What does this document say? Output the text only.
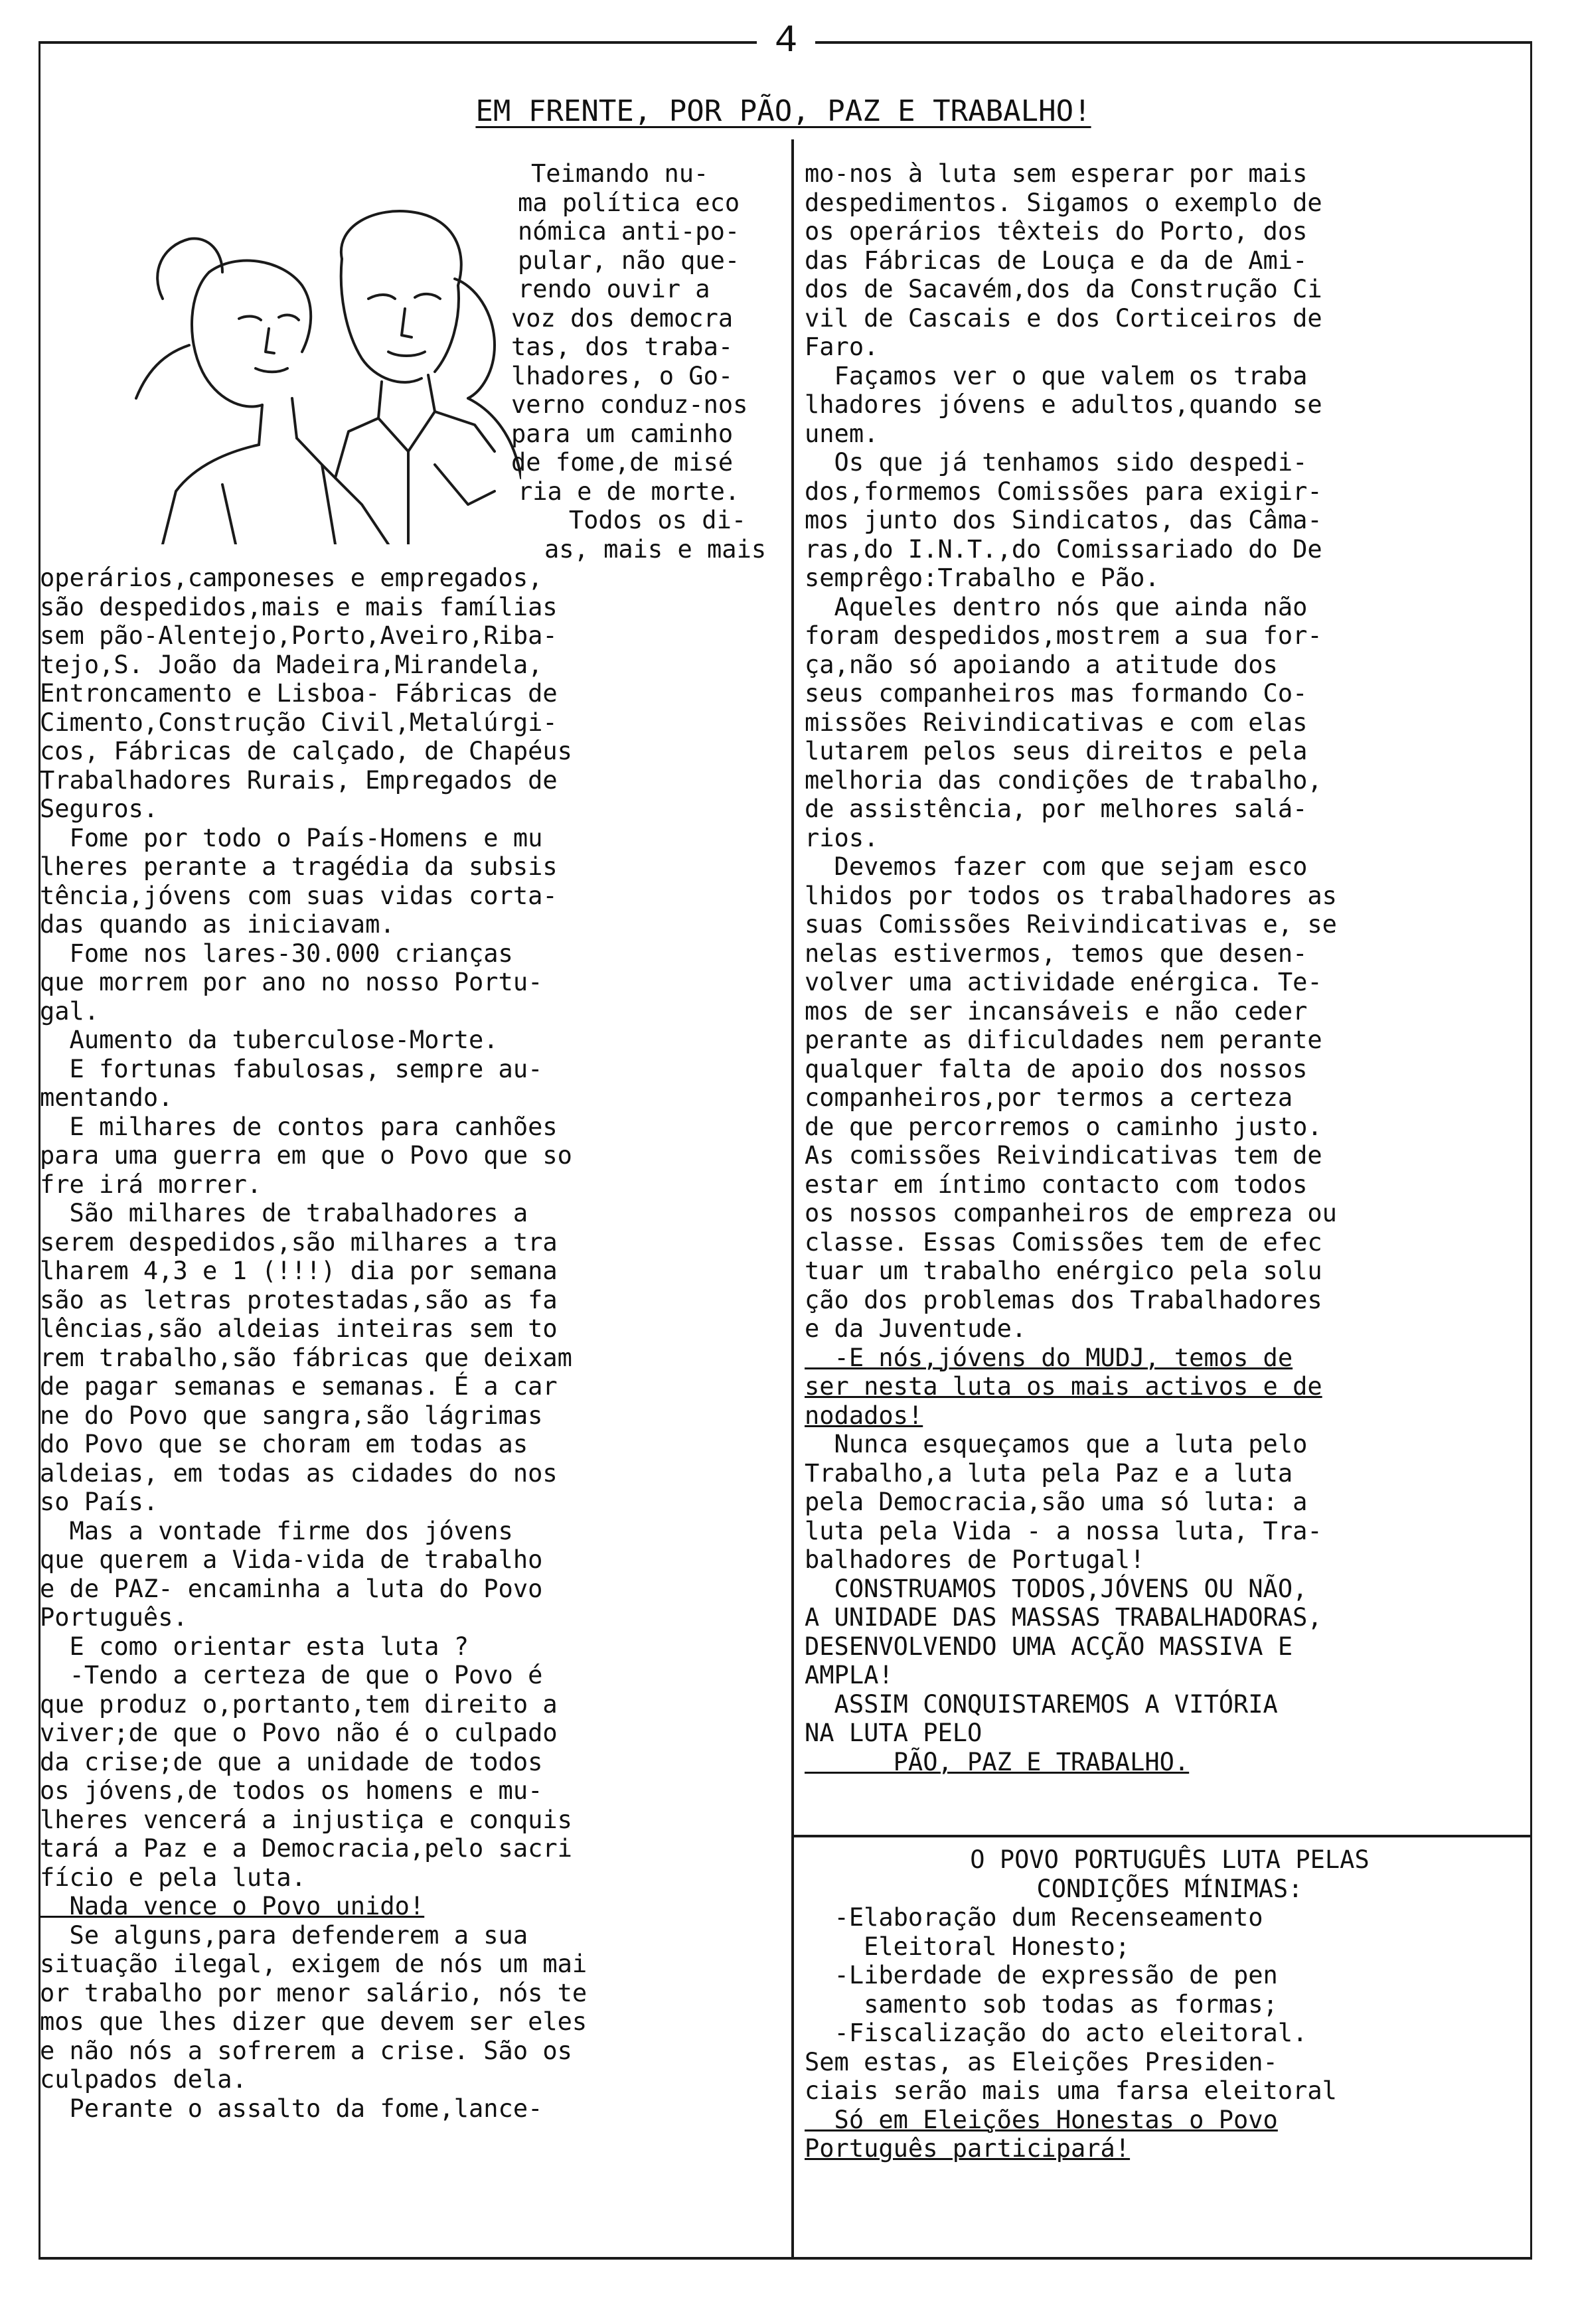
4
EM FRENTE, POR PÃO, PAZ E TRABALHO!

Teimando nu-

ma política eco

nómica anti-po-

pular, não que-

rendo ouvir a

voz dos democra

tas, dos traba-

lhadores, o Go-

verno conduz-nos

para um caminho

de fome,de misé

ria e de morte.

Todos os di-

as, mais e mais

operários,camponeses e empregados,

são despedidos,mais e mais famílias

sem pão-Alentejo,Porto,Aveiro,Riba-

tejo,S. João da Madeira,Mirandela,

Entroncamento e Lisboa- Fábricas de

Cimento,Construção Civil,Metalúrgi-

cos, Fábricas de calçado, de Chapéus

Trabalhadores Rurais, Empregados de

Seguros.

Fome por todo o País-Homens e mu

lheres perante a tragédia da subsis

tência,jóvens com suas vidas corta-

das quando as iniciavam.

Fome nos lares-30.000 crianças

que morrem por ano no nosso Portu-

gal.

Aumento da tuberculose-Morte.

E fortunas fabulosas, sempre au-

mentando.

E milhares de contos para canhões

para uma guerra em que o Povo que so

fre irá morrer.

São milhares de trabalhadores a

serem despedidos,são milhares a tra

lharem 4,3 e 1 (!!!) dia por semana

são as letras protestadas,são as fa

lências,são aldeias inteiras sem to

rem trabalho,são fábricas que deixam

de pagar semanas e semanas. É a car

ne do Povo que sangra,são lágrimas

do Povo que se choram em todas as

aldeias, em todas as cidades do nos

so País.

Mas a vontade firme dos jóvens

que querem a Vida-vida de trabalho

e de PAZ- encaminha a luta do Povo

Português.

E como orientar esta luta ?

-Tendo a certeza de que o Povo é

que produz o,portanto,tem direito a

viver;de que o Povo não é o culpado

da crise;de que a unidade de todos

os jóvens,de todos os homens e mu-

lheres vencerá a injustiça e conquis

tará a Paz e a Democracia,pelo sacri

fício e pela luta.

Nada vence o Povo unido!

Se alguns,para defenderem a sua

situação ilegal, exigem de nós um mai

or trabalho por menor salário, nós te

mos que lhes dizer que devem ser eles

e não nós a sofrerem a crise. São os

culpados dela.

Perante o assalto da fome,lance-

mo-nos à luta sem esperar por mais

despedimentos. Sigamos o exemplo de

os operários têxteis do Porto, dos

das Fábricas de Louça e da de Ami-

dos de Sacavém,dos da Construção Ci

vil de Cascais e dos Corticeiros de

Faro.

Façamos ver o que valem os traba

lhadores jóvens e adultos,quando se

unem.

Os que já tenhamos sido despedi-

dos,formemos Comissões para exigir-

mos junto dos Sindicatos, das Câma-

ras,do I.N.T.,do Comissariado do De

semprêgo:Trabalho e Pão.

Aqueles dentro nós que ainda não

foram despedidos,mostrem a sua for-

ça,não só apoiando a atitude dos

seus companheiros mas formando Co-

missões Reivindicativas e com elas

lutarem pelos seus direitos e pela

melhoria das condições de trabalho,

de assistência, por melhores salá-

rios.

Devemos fazer com que sejam esco

lhidos por todos os trabalhadores as

suas Comissões Reivindicativas e, se

nelas estivermos, temos que desen-

volver uma actividade enérgica. Te-

mos de ser incansáveis e não ceder

perante as dificuldades nem perante

qualquer falta de apoio dos nossos

companheiros,por termos a certeza

de que percorremos o caminho justo.

As comissões Reivindicativas tem de

estar em íntimo contacto com todos

os nossos companheiros de empreza ou

classe. Essas Comissões tem de efec

tuar um trabalho enérgico pela solu

ção dos problemas dos Trabalhadores

e da Juventude.

-E nós,jóvens do MUDJ, temos de

ser nesta luta os mais activos e de

nodados!

Nunca esqueçamos que a luta pelo

Trabalho,a luta pela Paz e a luta

pela Democracia,são uma só luta: a

luta pela Vida - a nossa luta, Tra-

balhadores de Portugal!

CONSTRUAMOS TODOS,JÓVENS OU NÃO,

A UNIDADE DAS MASSAS TRABALHADORAS,

DESENVOLVENDO UMA ACÇÃO MASSIVA E

AMPLA!

ASSIM CONQUISTAREMOS A VITÓRIA

NA LUTA PELO

PÃO, PAZ E TRABALHO.

O POVO PORTUGUÊS LUTA PELAS

CONDIÇÕES MÍNIMAS:

-Elaboração dum Recenseamento

Eleitoral Honesto;

-Liberdade de expressão de pen

samento sob todas as formas;

-Fiscalização do acto eleitoral.

Sem estas, as Eleições Presiden-

ciais serão mais uma farsa eleitoral

Só em Eleições Honestas o Povo

Português participará!
